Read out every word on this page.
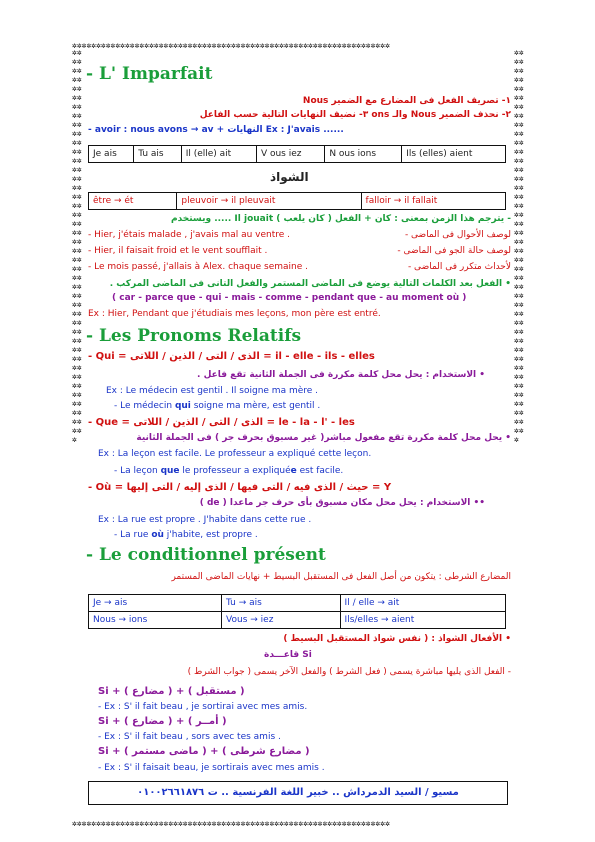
✲✲✲✲✲✲✲✲✲✲✲✲✲✲✲✲✲✲✲✲✲✲✲✲✲✲✲✲✲✲✲✲✲✲✲✲✲✲✲✲✲✲✲✲✲✲✲✲✲✲✲✲✲✲✲✲✲✲✲✲✲✲✲✲✲✲
✲✲✲✲✲✲✲✲✲✲✲✲✲✲✲✲✲✲✲✲✲✲✲✲✲✲✲✲✲✲✲✲✲✲✲✲✲✲✲✲✲✲✲✲✲✲✲✲✲✲✲✲✲✲✲✲✲✲✲✲✲✲✲✲✲✲
✲✲✲✲✲✲✲✲✲✲✲✲✲✲✲✲✲✲✲✲✲✲✲✲✲✲✲✲✲✲✲✲✲✲✲✲✲✲✲✲✲✲✲✲✲✲✲✲✲✲✲✲✲✲✲✲✲✲✲✲✲✲✲✲✲✲✲✲✲✲✲✲✲✲✲✲✲✲✲✲✲✲✲✲✲✲✲
✲✲✲✲✲✲✲✲✲✲✲✲✲✲✲✲✲✲✲✲✲✲✲✲✲✲✲✲✲✲✲✲✲✲✲✲✲✲✲✲✲✲✲✲✲✲✲✲✲✲✲✲✲✲✲✲✲✲✲✲✲✲✲✲✲✲✲✲✲✲✲✲✲✲✲✲✲✲✲✲✲✲✲✲✲✲✲
- L' Imparfait
١- تصريف الفعل فى المضارع مع الضمير Nous
٢- نحذف الضمير Nous والـ ons ٣- نضيف النهايات التالية حسب الفاعل
- avoir : nous avons → av + النهايات Ex : J'avais ......
Je ais	Tu ais	Il (elle) ait	V ous iez	N ous ions	Ils (elles) aient
الشواذ
être → ét	pleuvoir → il pleuvait	falloir → il fallait
- يترجم هذا الزمن بمعنى : كان + الفعل ( كان يلعب ) Il jouait ..... ويستخدم
- Hier, j'étais malade , j'avais mal au ventre .	لوصف الأحوال فى الماضى -
- Hier, il faisait froid et le vent soufflait .	لوصف حالة الجو فى الماضى -
- Le mois passé, j'allais à Alex. chaque semaine .	لأحداث متكرر فى الماضى -
• الفعل بعد الكلمات التالية يوضع فى الماضى المستمر والفعل التانى فى الماضى المركب .
( car - parce que - qui - mais - comme - pendant que - au moment où )
Ex : Hier, Pendant que j'étudiais mes leçons, mon père est entré.
- Les Pronoms Relatifs
- Qui = الذى / التى / الذين / اللاتى = il - elle - ils - elles
• الاستخدام : يحل محل كلمة مكررة فى الجملة الثانية تقع فاعل .
Ex : Le médecin est gentil . Il soigne ma mère .
- Le médecin qui soigne ma mère, est gentil .
- Que = الذى / التى / الذين / اللاتى = le - la - l' - les
• يحل محل كلمة مكررة تقع مفعول مباشر( غير مسبوق بحرف جر ) فى الجملة الثانية
Ex : La leçon est facile. Le professeur a expliqué cette leçon.
- La leçon que le professeur a expliquée est facile.
- Où = حيث / الذى فيه / التى فيها / الذى إليه / التى إليها = Y
•• الاستخدام : يحل محل مكان مسبوق بأى حرف جر ماعدا ( de )
Ex : La rue est propre . J'habite dans cette rue .
- La rue où j'habite, est propre .
- Le conditionnel présent
المضارع الشرطى : يتكون من أصل الفعل فى المستقبل البسيط + نهايات الماضى المستمر
Je → ais	Tu → ais	Il / elle → ait
Nous → ions	Vous → iez	Ils/elles → aient
• الأفعال الشواذ : ( نفس شواذ المستقبل البسيط )
قاعـــدة Si
- الفعل الذى يليها مباشرة يسمى ( فعل الشرط ) والفعل الآخر يسمى ( جواب الشرط )
Si + ( مضارع ) + ( مستقبل )
- Ex : S' il fait beau , je sortirai avec mes amis.
Si + ( مضارع ) + ( أمــر )
- Ex : S' il fait beau , sors avec tes amis .
Si + ( ماضى مستمر ) + ( مضارع شرطى )
- Ex : S' il faisait beau, je sortirais avec mes amis .
مسيو / السيد الدمرداش .. خبير اللغة الفرنسية .. ت ٠١٠٠٢٦٦١٨٧٦
